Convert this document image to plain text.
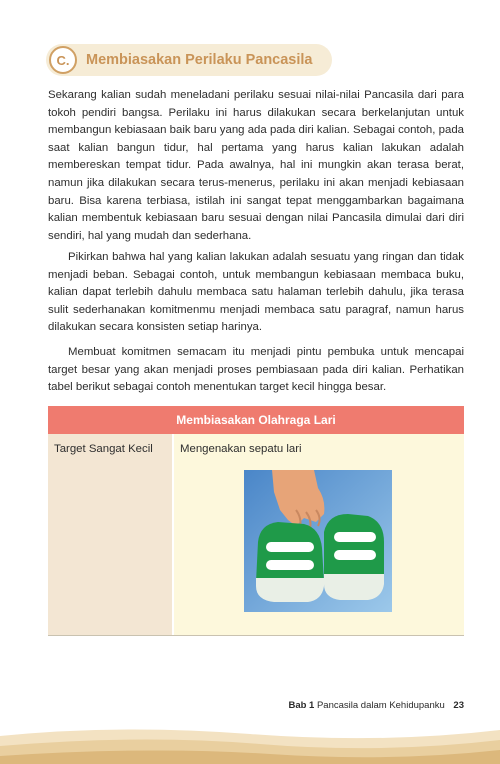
C.	Membiasakan Perilaku Pancasila

Sekarang kalian sudah meneladani perilaku sesuai nilai-nilai Pancasila dari para tokoh pendiri bangsa. Perilaku ini harus dilakukan secara berkelanjutan untuk membangun kebiasaan baik baru yang ada pada diri kalian. Sebagai contoh, pada saat kalian bangun tidur, hal pertama yang harus kalian lakukan adalah membereskan tempat tidur. Pada awalnya, hal ini mungkin akan terasa berat, namun jika dilakukan secara terus-menerus, perilaku ini akan menjadi kebiasaan baru. Bisa karena terbiasa, istilah ini sangat tepat menggambarkan bagaimana kalian membentuk kebiasaan baru sesuai dengan nilai Pancasila dimulai dari diri sendiri, hal yang mudah dan sederhana.

Pikirkan bahwa hal yang kalian lakukan adalah sesuatu yang ringan dan tidak menjadi beban. Sebagai contoh, untuk membangun kebiasaan membaca buku, kalian dapat terlebih dahulu membaca satu halaman terlebih dahulu, jika terasa sulit sederhanakan komitmenmu menjadi membaca satu paragraf, namun harus dilakukan secara konsisten setiap harinya.

Membuat komitmen semacam itu menjadi pintu pembuka untuk mencapai target besar yang akan menjadi proses pembiasaan pada diri kalian. Perhatikan tabel berikut sebagai contoh menentukan target kecil hingga besar.

Membiasakan Olahraga Lari
Target Sangat Kecil	Mengenakan sepatu lari
Bab 1 Pancasila dalam Kehidupanku 23
